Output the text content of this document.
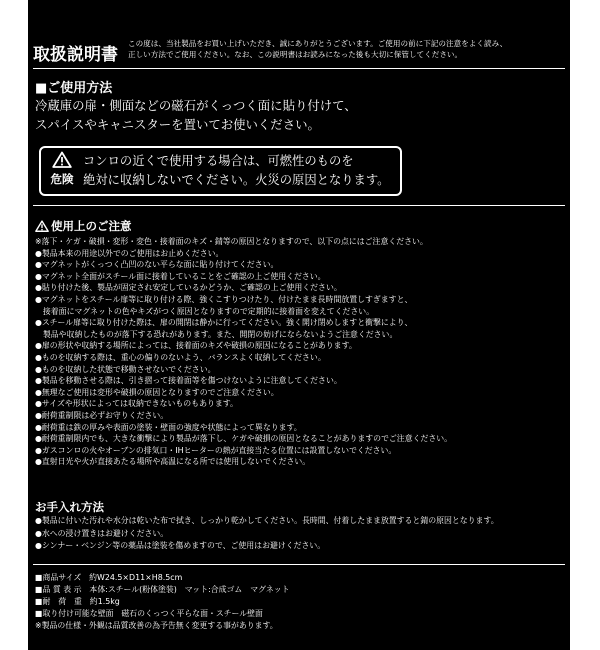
取扱説明書
この度は、当社製品をお買い上げいただき、誠にありがとうございます。ご使用の前に下記の注意をよく読み、
正しい方法でご使用ください。なお、この説明書はお読みになった後も大切に保管してください。
■ご使用方法
冷蔵庫の扉・側面などの磁石がくっつく面に貼り付けて、
スパイスやキャニスターを置いてお使いください。
危険
コンロの近くで使用する場合は、可燃性のものを
絶対に収納しないでください。火災の原因となります。
使用上のご注意
※落下・ケガ・破損・変形・変色・接着面のキズ・錆等の原因となりますので、以下の点にはご注意ください。
●製品本来の用途以外でのご使用はお止めください。
●マグネットがくっつく凸凹のない平らな面に貼り付けてください。
●マグネット全面がスチール面に接着していることをご確認の上ご使用ください。
●貼り付けた後、製品が固定され安定しているかどうか、ご確認の上ご使用ください。
●マグネットをスチール扉等に取り付ける際、強くこすりつけたり、付けたまま長時間放置しすぎますと、
　接着面にマグネットの色やキズがつく原因となりますので定期的に接着面を変えてください。
●スチール扉等に取り付けた際は、扉の開閉は静かに行ってください。強く開け閉めしますと衝撃により、
　製品や収納したものが落下する恐れがあります。また、開閉の妨げにならないようご注意ください。
●扉の形状や収納する場所によっては、接着面のキズや破損の原因になることがあります。
●ものを収納する際は、重心の偏りのないよう、バランスよく収納してください。
●ものを収納した状態で移動させないでください。
●製品を移動させる際は、引き摺って接着面等を傷つけないように注意してください。
●無理なご使用は変形や破損の原因となりますのでご注意ください。
●サイズや形状によっては収納できないものもあります。
●耐荷重制限は必ずお守りください。
●耐荷重は鉄の厚みや表面の塗装・壁面の強度や状態によって異なります。
●耐荷重制限内でも、大きな衝撃により製品が落下し、ケガや破損の原因となることがありますのでご注意ください。
●ガスコンロの火やオーブンの排気口・IHヒーターの熱が直接当たる位置には設置しないでください。
●直射日光や火が直接あたる場所や高温になる所では使用しないでください。
お手入れ方法
●製品に付いた汚れや水分は乾いた布で拭き、しっかり乾かしてください。長時間、付着したまま放置すると錆の原因となります。
●水への浸け置きはお避けください。
●シンナー・ベンジン等の薬品は塗装を傷めますので、ご使用はお避けください。
■商品サイズ　約W24.5×D11×H8.5cm
■品 質 表 示　本体:スチール(粉体塗装)　マット:合成ゴム　マグネット
■耐　荷　重　約1.5kg
■取り付け可能な壁面　磁石のくっつく平らな面・スチール壁面
※製品の仕様・外観は品質改善の為予告無く変更する事があります。
